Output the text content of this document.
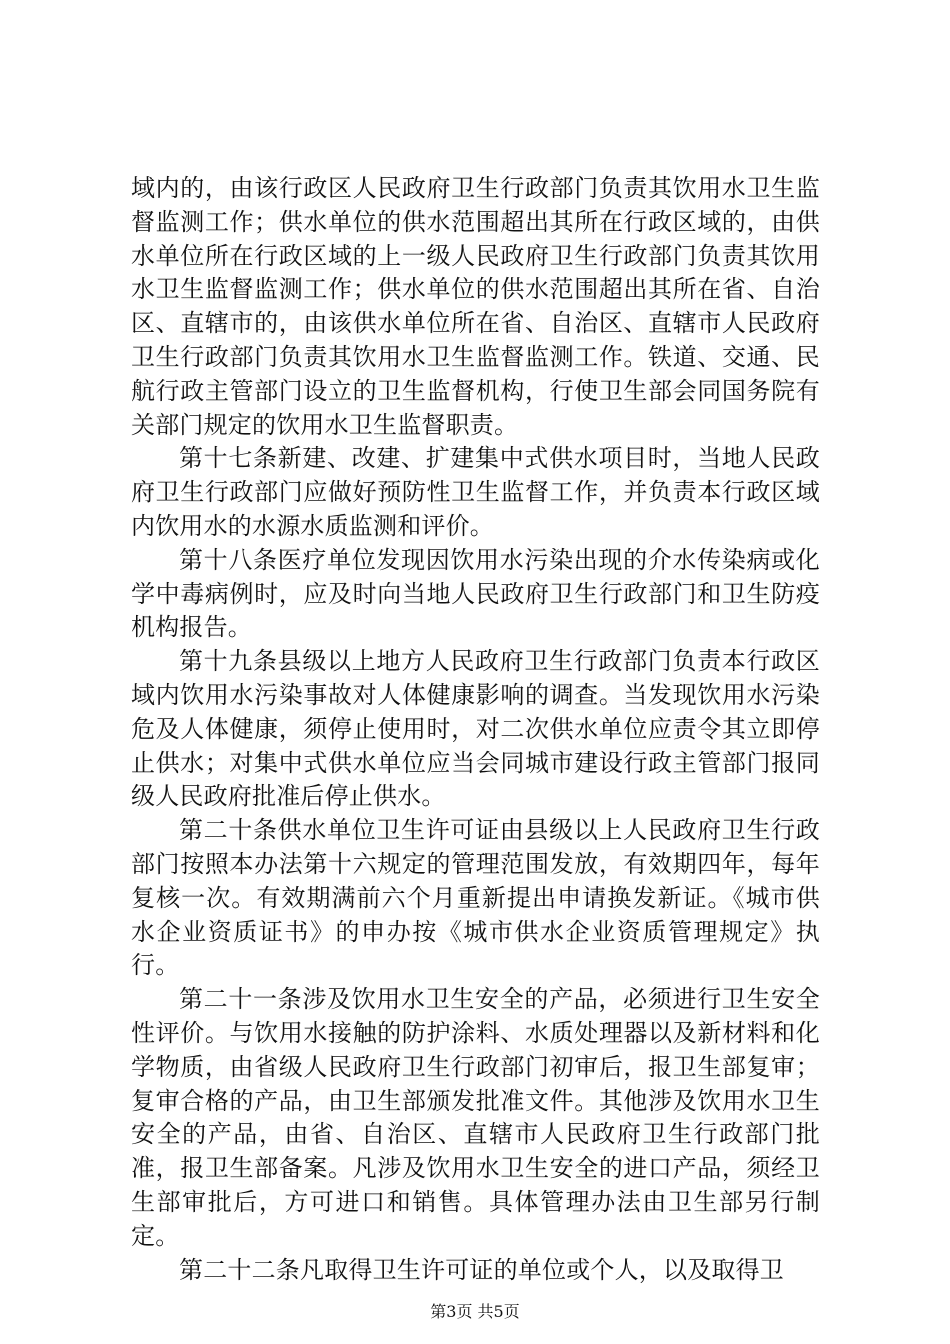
域内的，由该行政区人民政府卫生行政部门负责其饮用水卫生监督监测工作；供水单位的供水范围超出其所在行政区域的，由供水单位所在行政区域的上一级人民政府卫生行政部门负责其饮用水卫生监督监测工作；供水单位的供水范围超出其所在省、自治区、直辖市的，由该供水单位所在省、自治区、直辖市人民政府卫生行政部门负责其饮用水卫生监督监测工作。铁道、交通、民航行政主管部门设立的卫生监督机构，行使卫生部会同国务院有关部门规定的饮用水卫生监督职责。

第十七条新建、改建、扩建集中式供水项目时，当地人民政府卫生行政部门应做好预防性卫生监督工作，并负责本行政区域内饮用水的水源水质监测和评价。

第十八条医疗单位发现因饮用水污染出现的介水传染病或化学中毒病例时，应及时向当地人民政府卫生行政部门和卫生防疫机构报告。

第十九条县级以上地方人民政府卫生行政部门负责本行政区域内饮用水污染事故对人体健康影响的调查。当发现饮用水污染危及人体健康，须停止使用时，对二次供水单位应责令其立即停止供水；对集中式供水单位应当会同城市建设行政主管部门报同级人民政府批准后停止供水。

第二十条供水单位卫生许可证由县级以上人民政府卫生行政部门按照本办法第十六规定的管理范围发放，有效期四年，每年复核一次。有效期满前六个月重新提出申请换发新证。《城市供水企业资质证书》的申办按《城市供水企业资质管理规定》执行。

第二十一条涉及饮用水卫生安全的产品，必须进行卫生安全性评价。与饮用水接触的防护涂料、水质处理器以及新材料和化学物质，由省级人民政府卫生行政部门初审后，报卫生部复审；复审合格的产品，由卫生部颁发批准文件。其他涉及饮用水卫生安全的产品，由省、自治区、直辖市人民政府卫生行政部门批准，报卫生部备案。凡涉及饮用水卫生安全的进口产品，须经卫生部审批后，方可进口和销售。具体管理办法由卫生部另行制定。

第二十二条凡取得卫生许可证的单位或个人，以及取得卫

第3页 共5页
